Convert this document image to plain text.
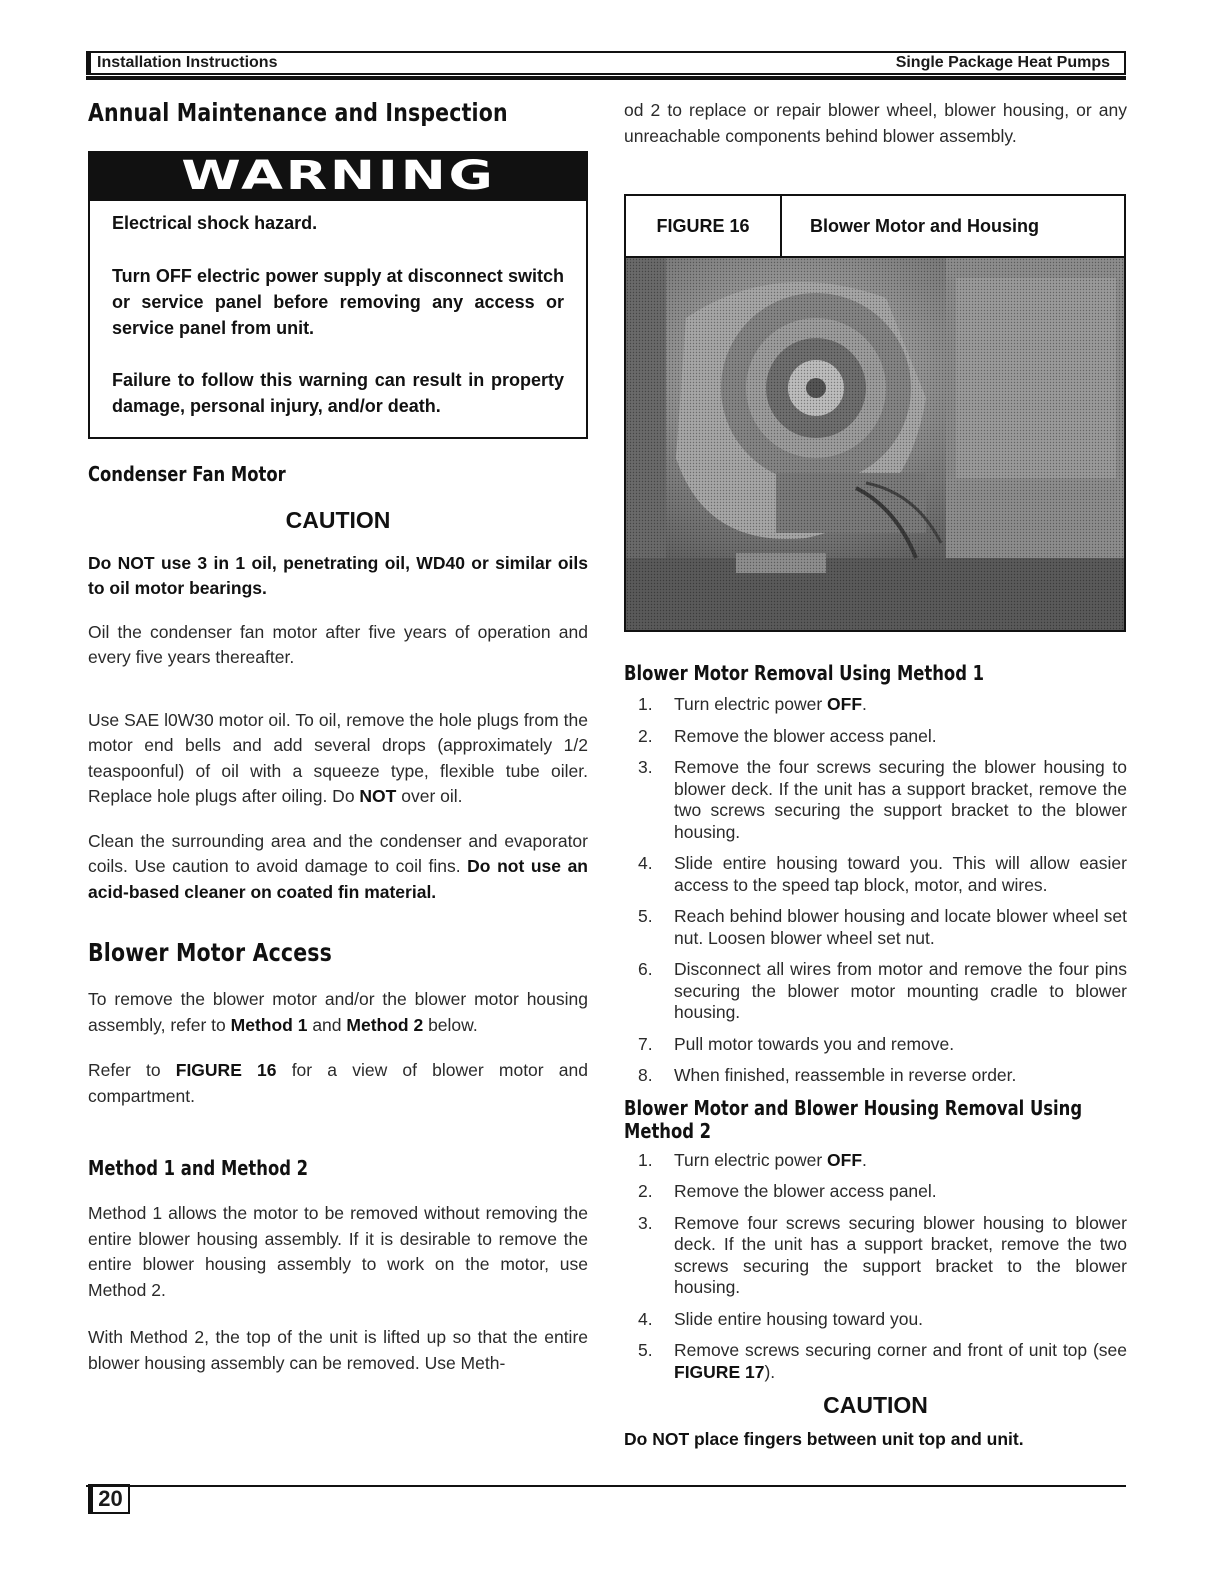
Installation Instructions	Single Package Heat Pumps
Annual Maintenance and Inspection
WARNING

Electrical shock hazard.

Turn OFF electric power supply at disconnect switch or service panel before removing any access or service panel from unit.

Failure to follow this warning can result in property damage, personal injury, and/or death.

Condenser Fan Motor

CAUTION

Do NOT use 3 in 1 oil, penetrating oil, WD40 or similar oils to oil motor bearings.

Oil the condenser fan motor after five years of operation and every five years thereafter.

Use SAE l0W30 motor oil. To oil, remove the hole plugs from the motor end bells and add several drops (approximately 1/2 teaspoonful) of oil with a squeeze type, flexible tube oiler. Replace hole plugs after oiling. Do NOT over oil.

Clean the surrounding area and the condenser and evaporator coils. Use caution to avoid damage to coil fins. Do not use an acid-based cleaner on coated fin material.

Blower Motor Access

To remove the blower motor and/or the blower motor housing assembly, refer to Method 1 and Method 2 below.

Refer to FIGURE 16 for a view of blower motor and compartment.

Method 1 and Method 2

Method 1 allows the motor to be removed without removing the entire blower housing assembly. If it is desirable to remove the entire blower housing assembly to work on the motor, use Method 2.

With Method 2, the top of the unit is lifted up so that the entire blower housing assembly can be removed. Use Meth-

od 2 to replace or repair blower wheel, blower housing, or any unreachable components behind blower assembly.

FIGURE 16	Blower Motor and Housing
Blower Motor Removal Using Method 1
1.	Turn electric power OFF.
2.	Remove the blower access panel.
3.	Remove the four screws securing the blower housing to blower deck. If the unit has a support bracket, remove the two screws securing the support bracket to the blower housing.
4.	Slide entire housing toward you. This will allow easier access to the speed tap block, motor, and wires.
5.	Reach behind blower housing and locate blower wheel set nut. Loosen blower wheel set nut.
6.	Disconnect all wires from motor and remove the four pins securing the blower motor mounting cradle to blower housing.
7.	Pull motor towards you and remove.
8.	When finished, reassemble in reverse order.
Blower Motor and Blower Housing Removal Using Method 2
1.	Turn electric power OFF.
2.	Remove the blower access panel.
3.	Remove four screws securing blower housing to blower deck. If the unit has a support bracket, remove the two screws securing the support bracket to the blower housing.
4.	Slide entire housing toward you.
5.	Remove screws securing corner and front of unit top (see FIGURE 17).

CAUTION

Do NOT place fingers between unit top and unit.

20
